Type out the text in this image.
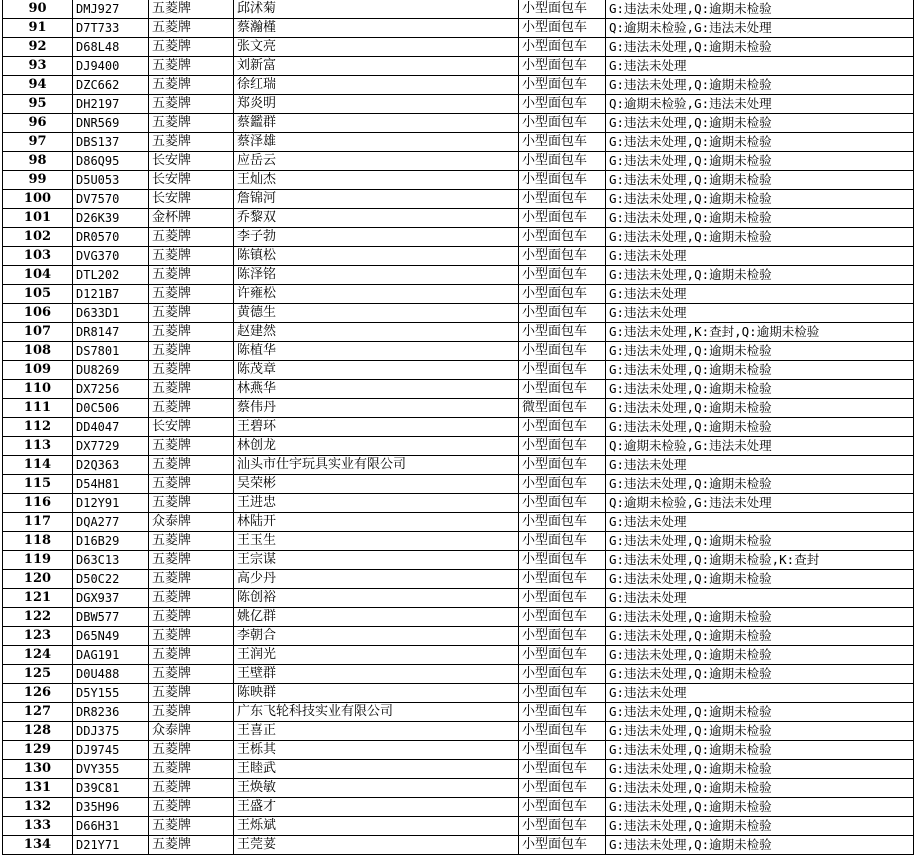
90	DMJ927	五菱牌	邱沭菊	小型面包车	G:违法未处理,Q:逾期未检验
91	D7T733	五菱牌	蔡瀚槿	小型面包车	Q:逾期未检验,G:违法未处理
92	D68L48	五菱牌	张文亮	小型面包车	G:违法未处理,Q:逾期未检验
93	DJ9400	五菱牌	刘新富	小型面包车	G:违法未处理
94	DZC662	五菱牌	徐红瑞	小型面包车	G:违法未处理,Q:逾期未检验
95	DH2197	五菱牌	郑炎明	小型面包车	Q:逾期未检验,G:违法未处理
96	DNR569	五菱牌	蔡鑑群	小型面包车	G:违法未处理,Q:逾期未检验
97	DBS137	五菱牌	蔡泽雄	小型面包车	G:违法未处理,Q:逾期未检验
98	D86Q95	长安牌	应岳云	小型面包车	G:违法未处理,Q:逾期未检验
99	D5U053	长安牌	王灿杰	小型面包车	G:违法未处理,Q:逾期未检验
100	DV7570	长安牌	詹锦河	小型面包车	G:违法未处理,Q:逾期未检验
101	D26K39	金杯牌	乔黎双	小型面包车	G:违法未处理,Q:逾期未检验
102	DR0570	五菱牌	李子勃	小型面包车	G:违法未处理,Q:逾期未检验
103	DVG370	五菱牌	陈镇松	小型面包车	G:违法未处理
104	DTL202	五菱牌	陈泽铭	小型面包车	G:违法未处理,Q:逾期未检验
105	D121B7	五菱牌	许雍松	小型面包车	G:违法未处理
106	D633D1	五菱牌	黄德生	小型面包车	G:违法未处理
107	DR8147	五菱牌	赵建然	小型面包车	G:违法未处理,K:查封,Q:逾期未检验
108	DS7801	五菱牌	陈植华	小型面包车	G:违法未处理,Q:逾期未检验
109	DU8269	五菱牌	陈茂章	小型面包车	G:违法未处理,Q:逾期未检验
110	DX7256	五菱牌	林燕华	小型面包车	G:违法未处理,Q:逾期未检验
111	D0C506	五菱牌	蔡伟丹	微型面包车	G:违法未处理,Q:逾期未检验
112	DD4047	长安牌	王碧环	小型面包车	G:违法未处理,Q:逾期未检验
113	DX7729	五菱牌	林创龙	小型面包车	Q:逾期未检验,G:违法未处理
114	D2Q363	五菱牌	汕头市仕宇玩具实业有限公司	小型面包车	G:违法未处理
115	D54H81	五菱牌	吴荣彬	小型面包车	G:违法未处理,Q:逾期未检验
116	D12Y91	五菱牌	王进忠	小型面包车	Q:逾期未检验,G:违法未处理
117	DQA277	众泰牌	林陆开	小型面包车	G:违法未处理
118	D16B29	五菱牌	王玉生	小型面包车	G:违法未处理,Q:逾期未检验
119	D63C13	五菱牌	王宗谋	小型面包车	G:违法未处理,Q:逾期未检验,K:查封
120	D50C22	五菱牌	高少丹	小型面包车	G:违法未处理,Q:逾期未检验
121	DGX937	五菱牌	陈创裕	小型面包车	G:违法未处理
122	DBW577	五菱牌	姚亿群	小型面包车	G:违法未处理,Q:逾期未检验
123	D65N49	五菱牌	李朝合	小型面包车	G:违法未处理,Q:逾期未检验
124	DAG191	五菱牌	王润光	小型面包车	G:违法未处理,Q:逾期未检验
125	D0U488	五菱牌	王壁群	小型面包车	G:违法未处理,Q:逾期未检验
126	D5Y155	五菱牌	陈映群	小型面包车	G:违法未处理
127	DR8236	五菱牌	广东飞轮科技实业有限公司	小型面包车	G:违法未处理,Q:逾期未检验
128	DDJ375	众泰牌	王喜正	小型面包车	G:违法未处理,Q:逾期未检验
129	DJ9745	五菱牌	王栎其	小型面包车	G:违法未处理,Q:逾期未检验
130	DVY355	五菱牌	王睦武	小型面包车	G:违法未处理,Q:逾期未检验
131	D39C81	五菱牌	王焕敏	小型面包车	G:违法未处理,Q:逾期未检验
132	D35H96	五菱牌	王盛才	小型面包车	G:违法未处理,Q:逾期未检验
133	D66H31	五菱牌	王烁斌	小型面包车	G:违法未处理,Q:逾期未检验
134	D21Y71	五菱牌	王莞荽	小型面包车	G:违法未处理,Q:逾期未检验
